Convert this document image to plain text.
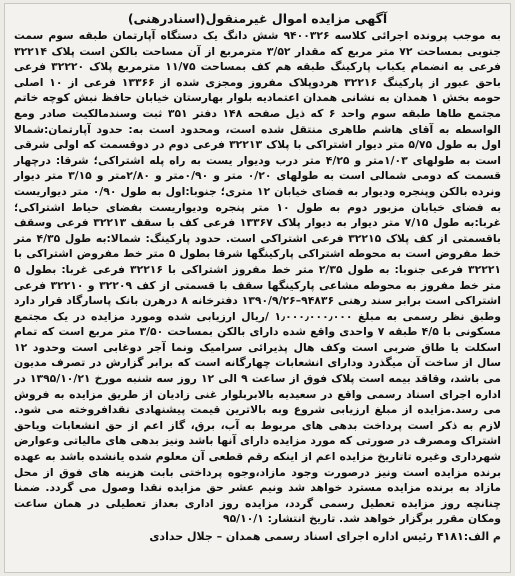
آگهی مزایده اموال غیرمنقول(اسنادرهنی)

به موجب پرونده اجرائی کلاسه ۹۴۰۰۳۲۶ شش دانگ یک دستگاه آپارتمان طبقه سوم سمت جنوبی بمساحت ۷۲ متر مربع که مقدار ۳/۵۲ مترمربع از آن مساحت بالکن است پلاک ۳۲۲۱۴ فرعی به انضمام یکباب پارکینگ طبقه هم کف بمساحت ۱۱/۷۵ مترمربع پلاک ۳۲۲۲۰ فرعی باحق عبور از پارکینگ ۳۲۲۱۶ هردوپلاک مفروز ومجزی شده از ۱۳۳۶۶ فرعی از ۱۰ اصلی حومه بخش ۱ همدان به نشانی همدان اعتمادیه بلوار بهارستان خیابان حافظ نبش کوچه خاتم مجتمع طاها طبقه سوم واحد ۶ که ذیل صفحه ۱۴۸ دفتر ۳۵۱ ثبت وسندمالکیت صادر ومع الواسطه به آقای هاشم طاهری منتقل شده است، ومحدود است به: حدود آپارتمان:شمالا اول به طول ۵/۷۵ متر دیوار اشتراکی با پلاک ۳۲۲۱۳ فرعی دوم در دوقسمت که اولی شرقی است به طولهای ۱/۰۳متر و ۴/۲۵ متر درب ودیوار یست به راه پله اشتراکی؛ شرقا: درچهار قسمت که دومی شمالی است به طولهای ۰/۲۰ متر و ۰/۹۰متر و ۲/۸۰متر و ۳/۱۵ متر دیوار ونرده بالکن وپنجره ودیوار به فضای خیابان ۱۲ متری؛ جنوبا:اول به طول ۰/۹۰ متر دیواریست به فضای خیابان مزبور دوم به طول ۱۰ متر پنجره ودیواریست بفضای حیاط اشتراکی؛ غربا:به طول ۷/۱۵ متر دیوار به دیوار پلاک ۱۳۳۶۷ فرعی کف با سقف ۳۲۲۱۳ فرعی وسقف باقسمتی از کف پلاک ۳۲۲۱۵ فرعی اشتراکی است. حدود پارکینگ: شمالا:به طول ۴/۳۵ متر خط مفروض است به محوطه اشتراکی پارکینگها شرقا بطول ۵ متر خط مفروض اشتراکی با ۳۲۲۲۱ فرعی جنوبا: به طول ۲/۳۵ متر خط مفروز اشتراکی با ۳۲۲۱۶ فرعی غربا: بطول ۵ متر خط مفروز به محوطه مشاعی پارکینگها سقف با قسمتی از کف ۳۲۲۰۹ و ۳۲۲۱۰ فرعی اشتراکی است برابر سند رهنی ۹۴۸۳۶–۱۳۹۰/۹/۲۶ دفترخانه ۸ درهرن بانک پاسارگاد قرار دارد وطبق نظر رسمی به مبلغ ۱٫۰۰۰٫۰۰۰٫۰۰۰ /ریال ارزیابی شده ومورد مزایده در یک مجتمع مسکونی با ۴/۵ طبقه ۷ واحدی واقع شده دارای بالکن بمساحت ۳/۵۰ متر مربع است که تمام اسکلت یا طاق ضربی است وکف هال پذیرائی سرامیک ونما آجر دوغابی است وحدود ۱۲ سال از ساخت آن میگذرد ودارای انشعابات چهارگانه است که برابر گزارش در تصرف مدیون می باشد، وقاقد بیمه است پلاک فوق از ساعت ۹ الی ۱۲ روز سه شنبه مورخ ۱۳۹۵/۱۰/۲۱ در اداره اجرای اسناد رسمی واقع در سعیدیه بالابربلوار غنی زادیان از طریق مزایده به فروش می رسد.مزایده از مبلغ ارزیابی شروع وبه بالاترین قیمت پیشنهادی نقدافروخته می شود. لازم به ذکر است پرداخت بدهی های مربوط به آب، برق، گاز اعم از حق انشعابات وياحق اشتراک ومصرف در صورتی که مورد مزایده دارای آنها باشد ونیز بدهی های مالیاتی وعوارض شهرداری وغیره تاتاریخ مزایده اعم از اینکه رقم قطعی آن معلوم شده یانشده باشد به عهده برنده مزایده است ونیز درصورت وجود مازاد،وجوه پرداختی بابت هزینه های فوق از محل مازاد به برنده مزایده مسترد خواهد شد ونیم عشر حق مزایده نقدا وصول می گردد. ضمنا چنانچه روز مزایده تعطیل رسمی گردد، مزایده روز اداری بعداز تعطیلی در همان ساعت ومکان مقرر برگزار خواهد شد. تاریخ انتشار: ۹۵/۱۰/۱

م الف:۴۱۸۱ رئیس اداره اجرای اسناد رسمی همدان – جلال حدادی
